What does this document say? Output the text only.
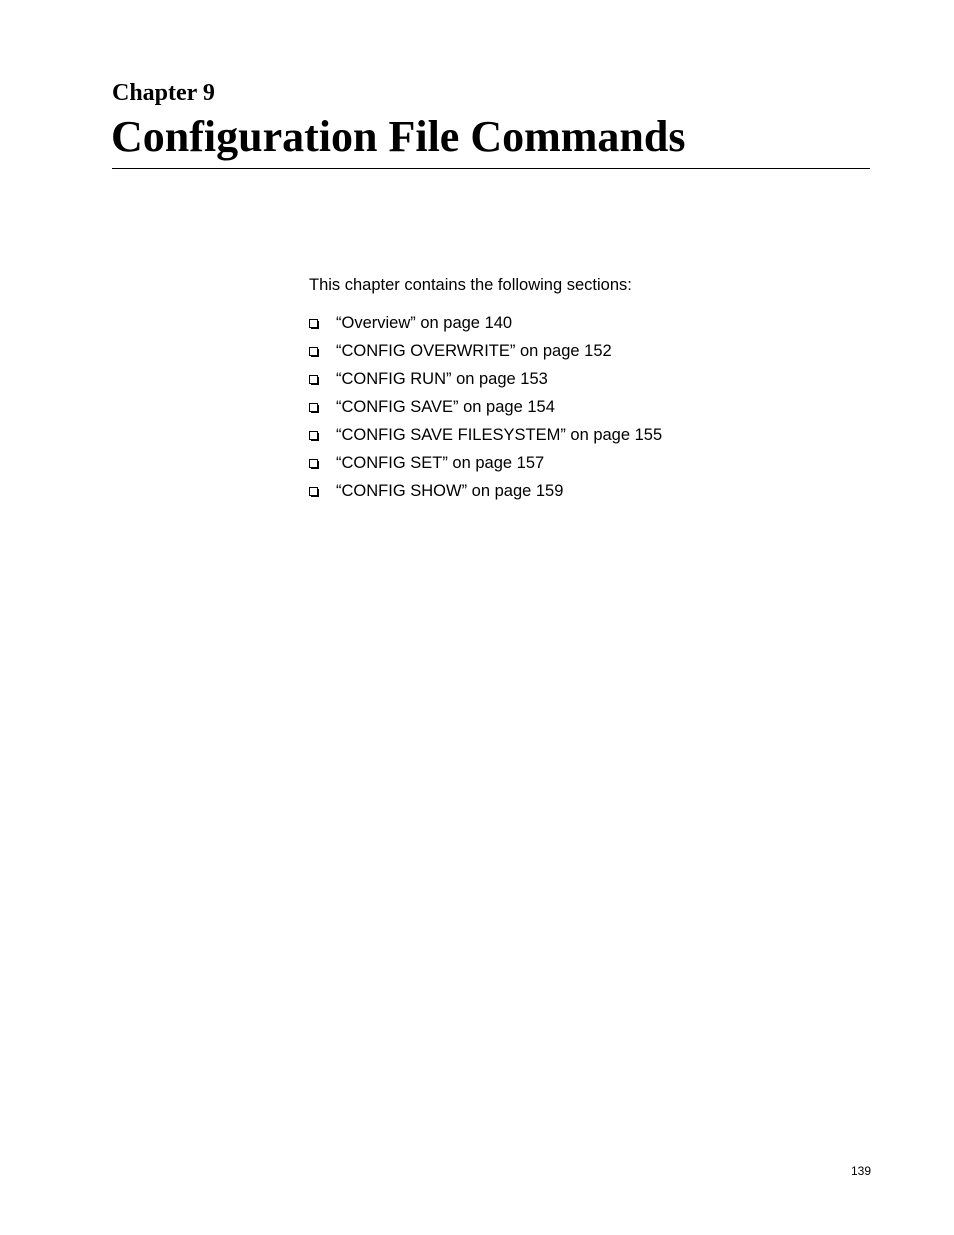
Chapter 9
Configuration File Commands

This chapter contains the following sections:

“Overview” on page 140
“CONFIG OVERWRITE” on page 152
“CONFIG RUN” on page 153
“CONFIG SAVE” on page 154
“CONFIG SAVE FILESYSTEM” on page 155
“CONFIG SET” on page 157
“CONFIG SHOW” on page 159

139
